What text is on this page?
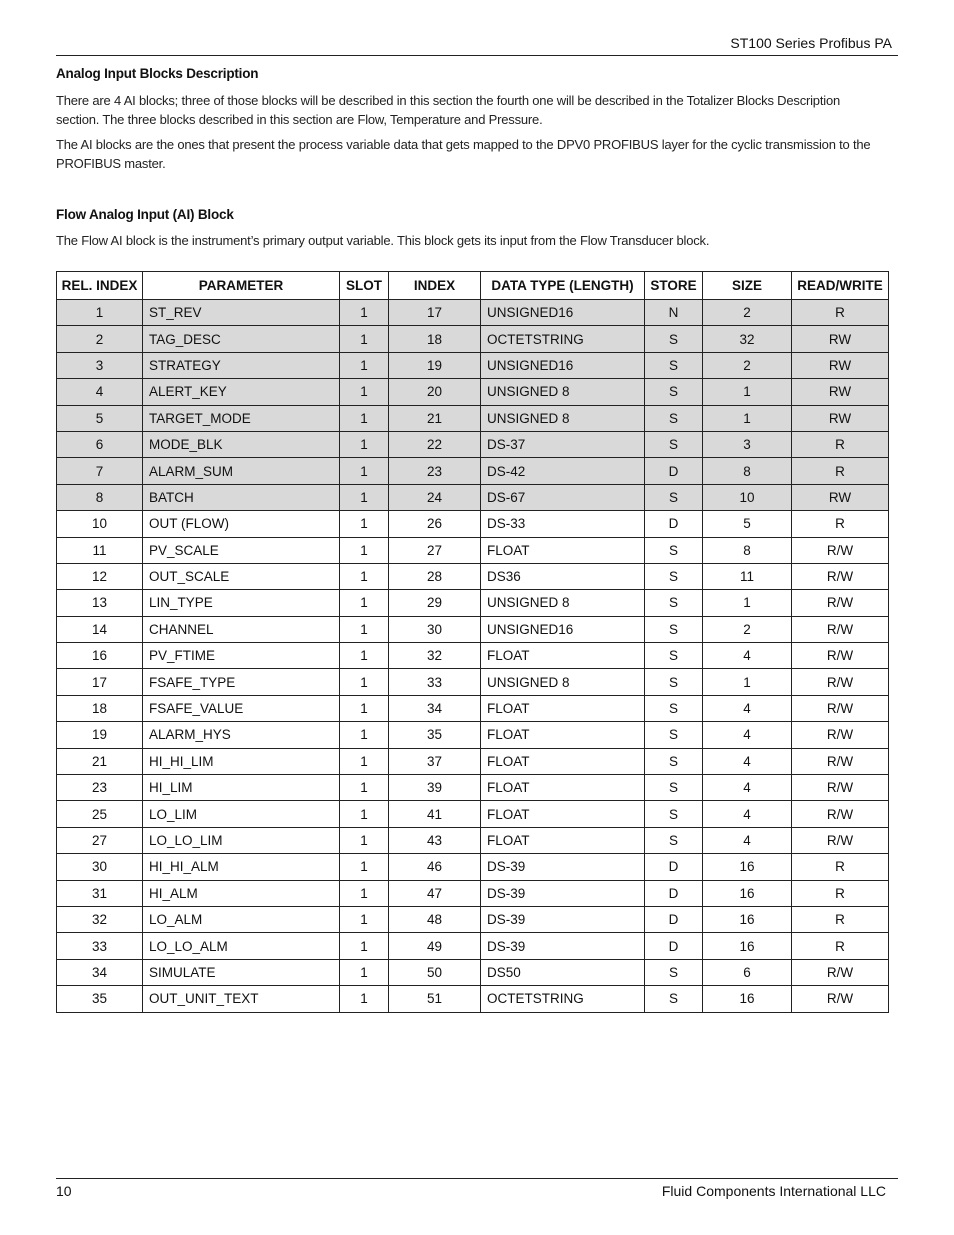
ST100 Series Profibus PA
Analog Input Blocks Description

There are 4 AI blocks; three of those blocks will be described in this section the fourth one will be described in the Totalizer Blocks Description section. The three blocks described in this section are Flow, Temperature and Pressure.

The AI blocks are the ones that present the process variable data that gets mapped to the DPV0 PROFIBUS layer for the cyclic transmission to the PROFIBUS master.

Flow Analog Input (AI) Block

The Flow AI block is the instrument’s primary output variable. This block gets its input from the Flow Transducer block.

REL. INDEX	PARAMETER	SLOT	INDEX	DATA TYPE (LENGTH)	STORE	SIZE	READ/WRITE
1	ST_REV	1	17	UNSIGNED16	N	2	R
2	TAG_DESC	1	18	OCTETSTRING	S	32	RW
3	STRATEGY	1	19	UNSIGNED16	S	2	RW
4	ALERT_KEY	1	20	UNSIGNED 8	S	1	RW
5	TARGET_MODE	1	21	UNSIGNED 8	S	1	RW
6	MODE_BLK	1	22	DS-37	S	3	R
7	ALARM_SUM	1	23	DS-42	D	8	R
8	BATCH	1	24	DS-67	S	10	RW
10	OUT (FLOW)	1	26	DS-33	D	5	R
11	PV_SCALE	1	27	FLOAT	S	8	R/W
12	OUT_SCALE	1	28	DS36	S	11	R/W
13	LIN_TYPE	1	29	UNSIGNED 8	S	1	R/W
14	CHANNEL	1	30	UNSIGNED16	S	2	R/W
16	PV_FTIME	1	32	FLOAT	S	4	R/W
17	FSAFE_TYPE	1	33	UNSIGNED 8	S	1	R/W
18	FSAFE_VALUE	1	34	FLOAT	S	4	R/W
19	ALARM_HYS	1	35	FLOAT	S	4	R/W
21	HI_HI_LIM	1	37	FLOAT	S	4	R/W
23	HI_LIM	1	39	FLOAT	S	4	R/W
25	LO_LIM	1	41	FLOAT	S	4	R/W
27	LO_LO_LIM	1	43	FLOAT	S	4	R/W
30	HI_HI_ALM	1	46	DS-39	D	16	R
31	HI_ALM	1	47	DS-39	D	16	R
32	LO_ALM	1	48	DS-39	D	16	R
33	LO_LO_ALM	1	49	DS-39	D	16	R
34	SIMULATE	1	50	DS50	S	6	R/W
35	OUT_UNIT_TEXT	1	51	OCTETSTRING	S	16	R/W
10	Fluid Components International LLC
